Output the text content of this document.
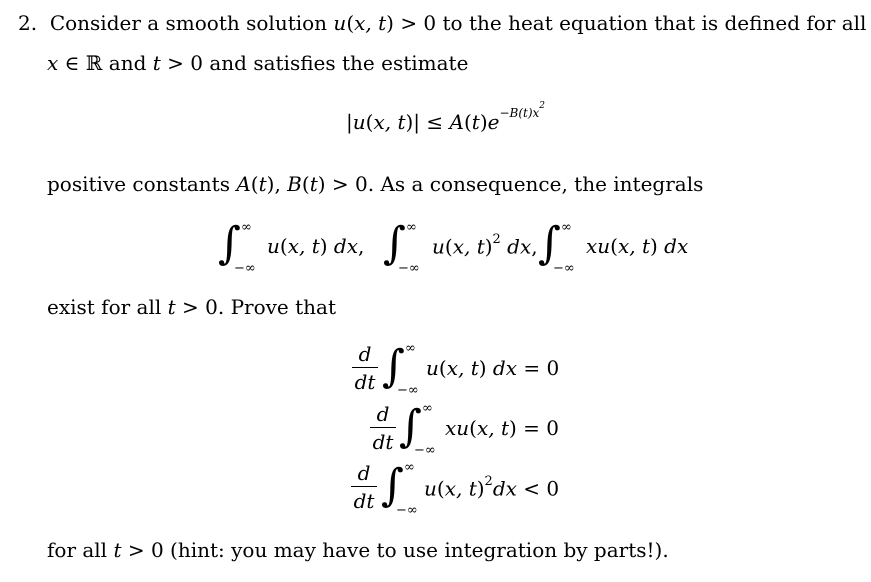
2. Consider a smooth solution u(x, t) > 0 to the heat equation that is defined for all
x ∈ ℝ and t > 0 and satisfies the estimate
|u(x, $t)| \le A(t)e^{-B(t)x^2}$
positive constants A(t), B(t) > 0. As a consequence, the integrals
∫ ∞
−∞
u(x, t) dx, ∫ ∞
−∞
u(x, t)$^2$ dx, ∫ ∞
−∞
xu(x, t) dx
exist for all t > 0. Prove that
d
dt ∫ ∞
−∞
u(x, t) dx = 0
d
dt ∫ ∞
−∞
xu(x, t) = 0
d
dt ∫ ∞
−∞
u(x, t)$^2$dx < 0
for all t > 0 (hint: you may have to use integration by parts!).
